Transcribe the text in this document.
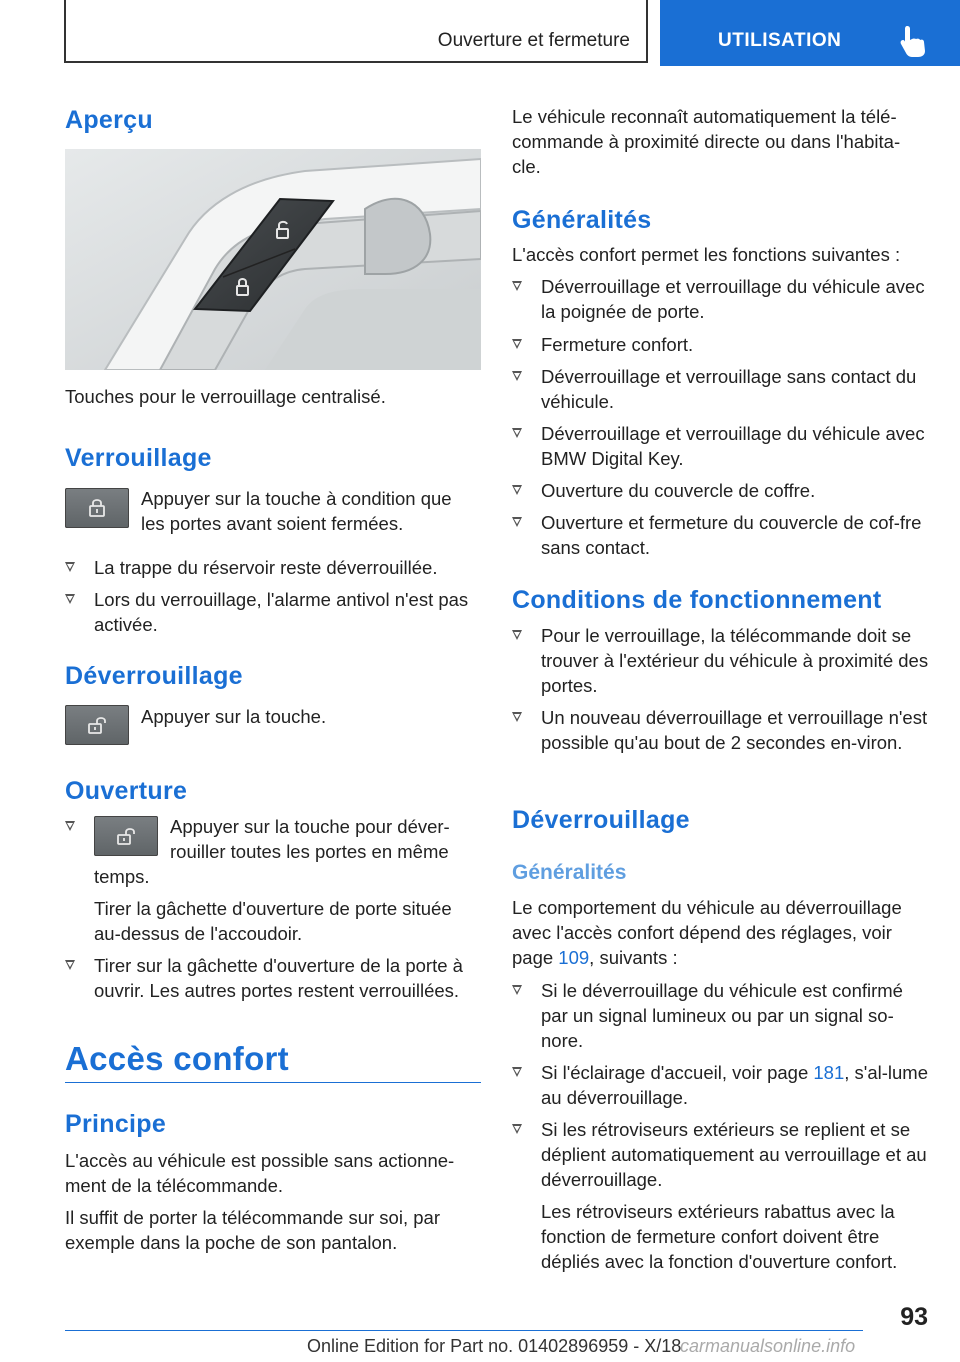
Ouverture et fermeture	UTILISATION
Aperçu

Touches pour le verrouillage centralisé.

Verrouillage

Appuyer sur la touche à condition que les portes avant soient fermées.

La trappe du réservoir reste déverrouillée.
Lors du verrouillage, l'alarme antivol n'est pas activée.
Déverrouillage

Appuyer sur la touche.

Ouverture
Appuyer sur la touche pour déver-
rouiller toutes les portes en même
temps.

Tirer la gâchette d'ouverture de porte située au-dessus de l'accoudoir.

Tirer sur la gâchette d'ouverture de la porte à ouvrir. Les autres portes restent verrouillées.
Accès confort
Principe

L'accès au véhicule est possible sans actionne-ment de la télécommande.

Il suffit de porter la télécommande sur soi, par exemple dans la poche de son pantalon.

Le véhicule reconnaît automatiquement la télé-commande à proximité directe ou dans l'habita-cle.

Généralités

L'accès confort permet les fonctions suivantes :

Déverrouillage et verrouillage du véhicule avec la poignée de porte.
Fermeture confort.
Déverrouillage et verrouillage sans contact du véhicule.
Déverrouillage et verrouillage du véhicule avec BMW Digital Key.
Ouverture du couvercle de coffre.
Ouverture et fermeture du couvercle de cof-fre sans contact.
Conditions de fonctionnement
Pour le verrouillage, la télécommande doit se trouver à l'extérieur du véhicule à proximité des portes.
Un nouveau déverrouillage et verrouillage n'est possible qu'au bout de 2 secondes en-viron.
Déverrouillage
Généralités

Le comportement du véhicule au déverrouillage avec l'accès confort dépend des réglages, voir page 109, suivants :

Si le déverrouillage du véhicule est confirmé par un signal lumineux ou par un signal so-nore.
Si l'éclairage d'accueil, voir page 181, s'al-lume au déverrouillage.
Si les rétroviseurs extérieurs se replient et se déplient automatiquement au verrouillage et au déverrouillage.

Les rétroviseurs extérieurs rabattus avec la fonction de fermeture confort doivent être dépliés avec la fonction d'ouverture confort.

93
Online Edition for Part no. 01402896959 - X/18
carmanualsonline.info
